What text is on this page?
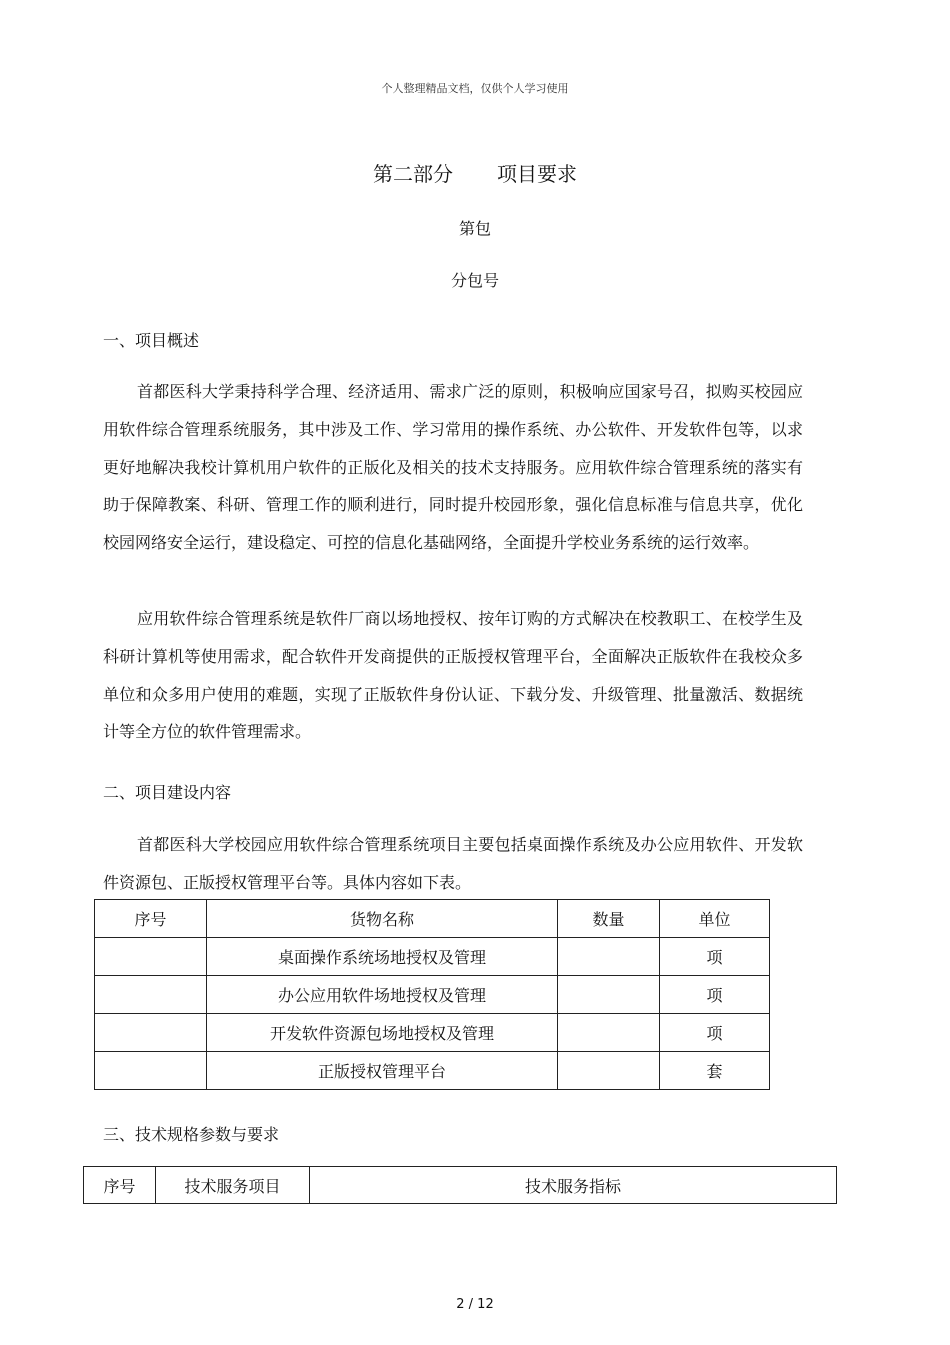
个人整理精品文档，仅供个人学习使用
第二部分 项目要求
第包
分包号
一、项目概述

首都医科大学秉持科学合理、经济适用、需求广泛的原则，积极响应国家号召，拟购买校园应用软件综合管理系统服务，其中涉及工作、学习常用的操作系统、办公软件、开发软件包等，以求更好地解决我校计算机用户软件的正版化及相关的技术支持服务。应用软件综合管理系统的落实有助于保障教案、科研、管理工作的顺利进行，同时提升校园形象，强化信息标准与信息共享，优化校园网络安全运行，建设稳定、可控的信息化基础网络，全面提升学校业务系统的运行效率。

应用软件综合管理系统是软件厂商以场地授权、按年订购的方式解决在校教职工、在校学生及科研计算机等使用需求，配合软件开发商提供的正版授权管理平台，全面解决正版软件在我校众多单位和众多用户使用的难题，实现了正版软件身份认证、下载分发、升级管理、批量激活、数据统计等全方位的软件管理需求。

二、项目建设内容

首都医科大学校园应用软件综合管理系统项目主要包括桌面操作系统及办公应用软件、开发软件资源包、正版授权管理平台等。具体内容如下表。

序号	货物名称	数量	单位
	桌面操作系统场地授权及管理		项
	办公应用软件场地授权及管理		项
	开发软件资源包场地授权及管理		项
	正版授权管理平台		套
三、技术规格参数与要求
序号	技术服务项目	技术服务指标
2 / 12
